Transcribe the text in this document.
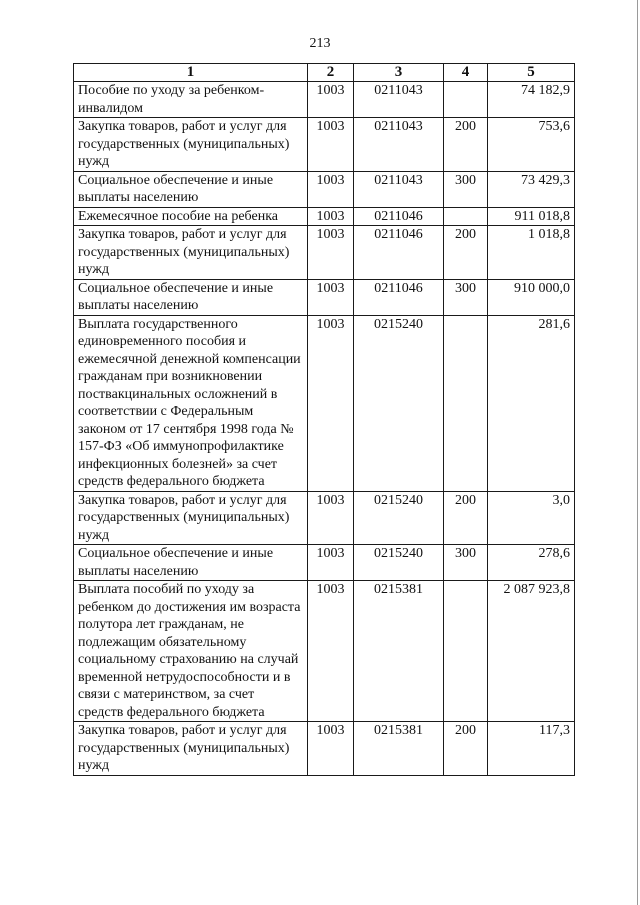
213
1	2	3	4	5
Пособие по уходу за ребенком-инвалидом	1003	0211043		74 182,9
Закупка товаров, работ и услуг для государственных (муниципальных) нужд	1003	0211043	200	753,6
Социальное обеспечение и иные выплаты населению	1003	0211043	300	73 429,3
Ежемесячное пособие на ребенка	1003	0211046		911 018,8
Закупка товаров, работ и услуг для государственных (муниципальных) нужд	1003	0211046	200	1 018,8
Социальное обеспечение и иные выплаты населению	1003	0211046	300	910 000,0
Выплата государственного единовременного пособия и ежемесячной денежной компенсации гражданам при возникновении поствакцинальных осложнений в соответствии с Федеральным законом от 17 сентября 1998 года № 157-ФЗ «Об иммунопрофилактике инфекционных болезней» за счет средств федерального бюджета	1003	0215240		281,6
Закупка товаров, работ и услуг для государственных (муниципальных) нужд	1003	0215240	200	3,0
Социальное обеспечение и иные выплаты населению	1003	0215240	300	278,6
Выплата пособий по уходу за ребенком до достижения им возраста полутора лет гражданам, не подлежащим обязательному социальному страхованию на случай временной нетрудоспособности и в связи с материнством, за счет средств федерального бюджета	1003	0215381		2 087 923,8
Закупка товаров, работ и услуг для государственных (муниципальных) нужд	1003	0215381	200	117,3
